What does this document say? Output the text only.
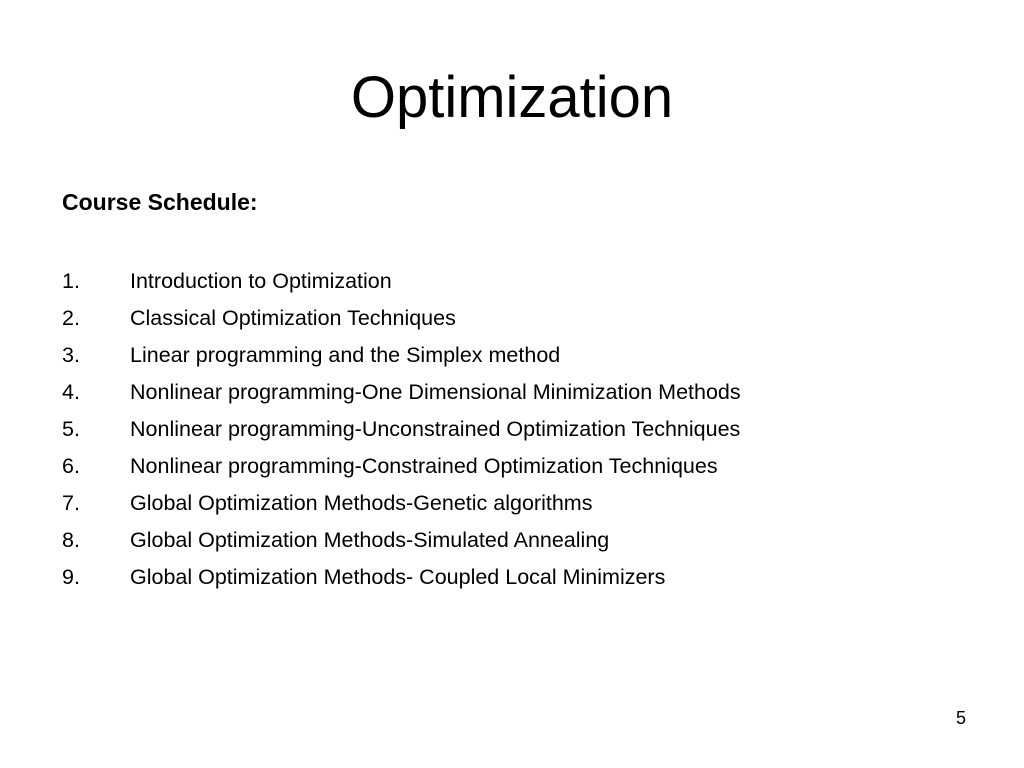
Optimization
Course Schedule:
1.	Introduction to Optimization
2.	Classical Optimization Techniques
3.	Linear programming and the Simplex method
4.	Nonlinear programming-One Dimensional Minimization Methods
5.	Nonlinear programming-Unconstrained Optimization Techniques
6.	Nonlinear programming-Constrained Optimization Techniques
7.	Global Optimization Methods-Genetic algorithms
8.	Global Optimization Methods-Simulated Annealing
9.	Global Optimization Methods- Coupled Local Minimizers
5
